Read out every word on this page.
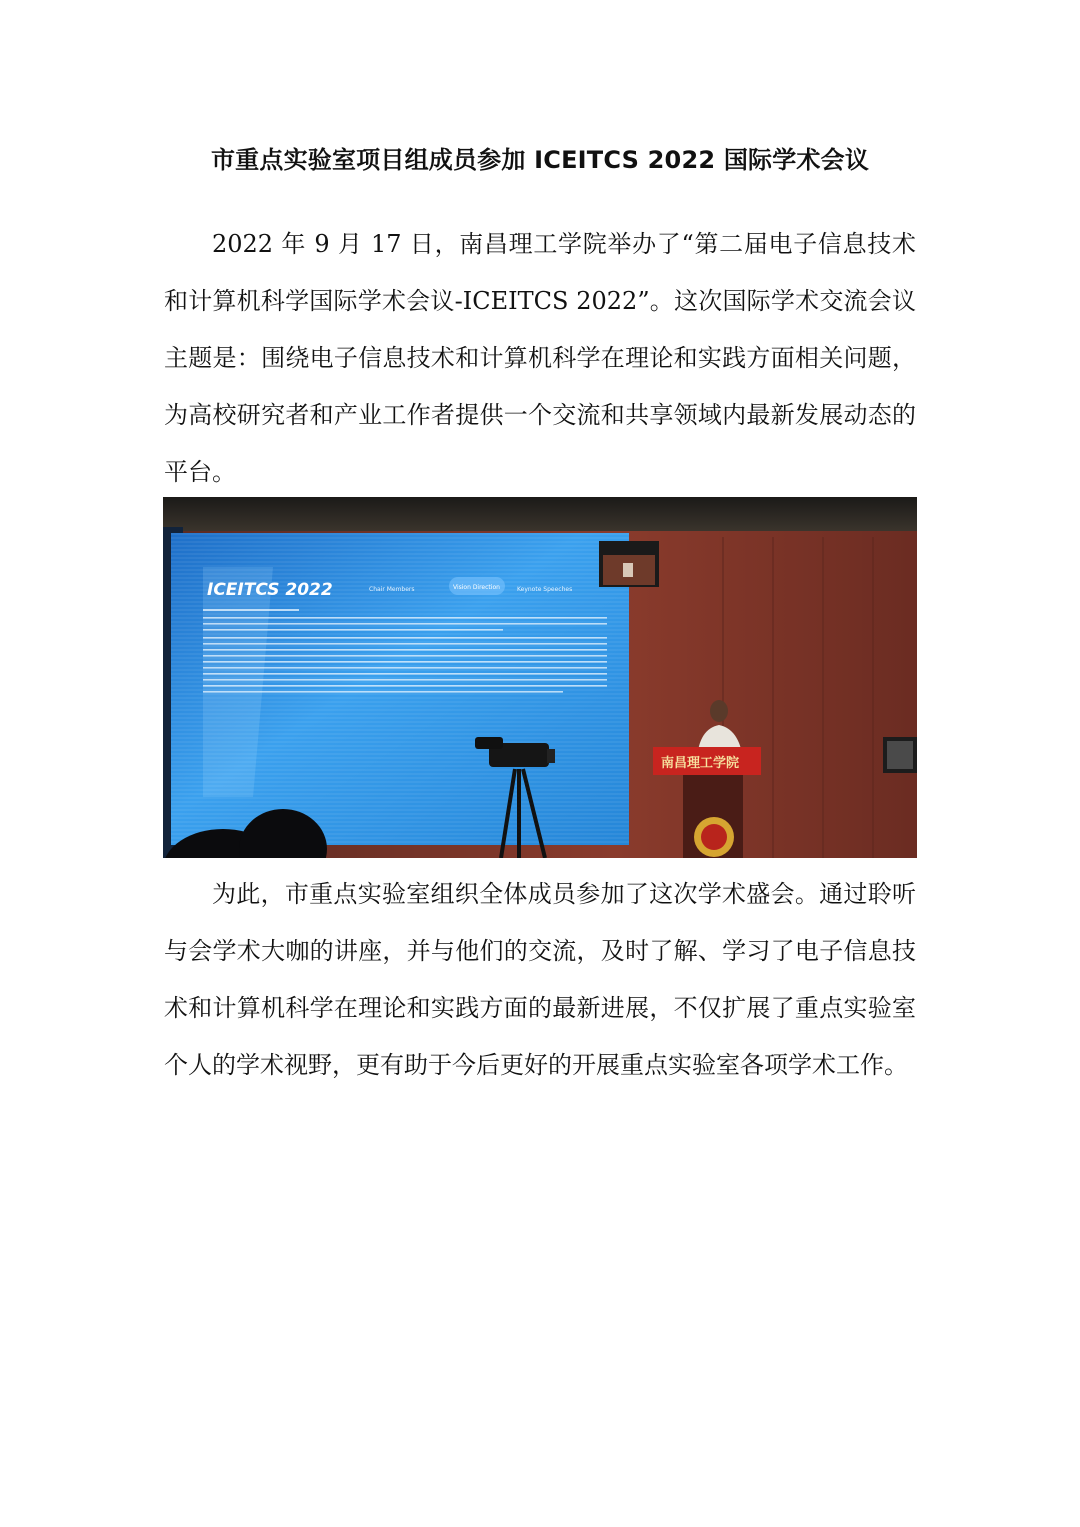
市重点实验室项目组成员参加 ICEITCS 2022 国际学术会议

2022 年 9 月 17 日，南昌理工学院举办了“第二届电子信息技术和计算机科学国际学术会议-ICEITCS 2022”。这次国际学术交流会议主题是：围绕电子信息技术和计算机科学在理论和实践方面相关问题，为高校研究者和产业工作者提供一个交流和共享领域内最新发展动态的平台。

ICEITCS 2022	Chair Members	Vision Direction	Keynote Speeches
南昌理工学院

为此，市重点实验室组织全体成员参加了这次学术盛会。通过聆听与会学术大咖的讲座，并与他们的交流，及时了解、学习了电子信息技术和计算机科学在理论和实践方面的最新进展，不仅扩展了重点实验室个人的学术视野，更有助于今后更好的开展重点实验室各项学术工作。
